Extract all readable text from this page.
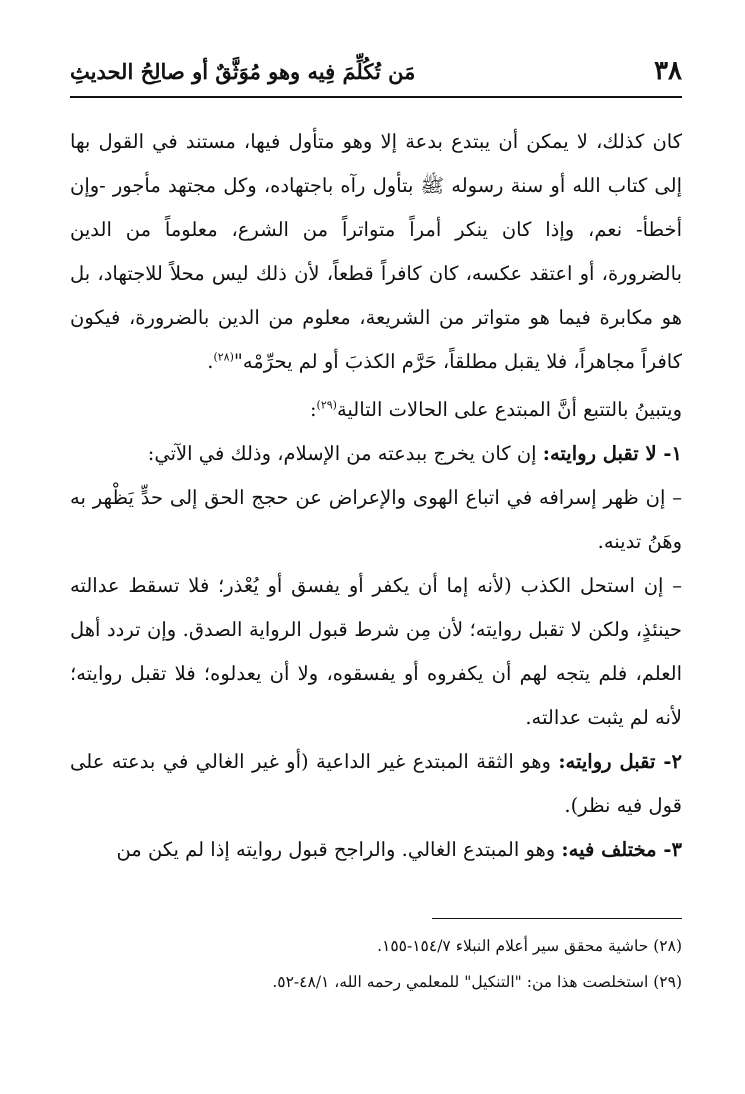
٣٨
مَن تُكُلِّمَ فِيه وهو مُوَثَّقٌ أو صالِحُ الحديثِ

كان كذلك، لا يمكن أن يبتدع بدعة إلا وهو متأول فيها، مستند في القول بها إلى كتاب الله أو سنة رسوله ﷺ بتأول رآه باجتهاده، وكل مجتهد مأجور -وإن أخطأ- نعم، وإذا كان ينكر أمراً متواتراً من الشرع، معلوماً من الدين بالضرورة، أو اعتقد عكسه، كان كافراً قطعاً، لأن ذلك ليس محلاً للاجتهاد، بل هو مكابرة فيما هو متواتر من الشريعة، معلوم من الدين بالضرورة، فيكون كافراً مجاهراً، فلا يقبل مطلقاً، حَرَّم الكذبَ أو لم يحرِّمْه"$^{(٢٨)}$.

ويتبينُ بالتتبع أنَّ المبتدع على الحالات التالية$^{(٢٩)}$:

١- لا تقبل روايته: إن كان يخرج ببدعته من الإسلام، وذلك في الآتي:

– إن ظهر إسرافه في اتباع الهوى والإعراض عن حجج الحق إلى حدٍّ يَظْهر به وهَنُ تدينه.

– إن استحل الكذب (لأنه إما أن يكفر أو يفسق أو يُعْذر؛ فلا تسقط عدالته حينئذٍ، ولكن لا تقبل روايته؛ لأن مِن شرط قبول الرواية الصدق. وإن تردد أهل العلم، فلم يتجه لهم أن يكفروه أو يفسقوه، ولا أن يعدلوه؛ فلا تقبل روايته؛ لأنه لم يثبت عدالته.

٢- تقبل روايته: وهو الثقة المبتدع غير الداعية (أو غير الغالي في بدعته على قول فيه نظر).

٣- مختلف فيه: وهو المبتدع الغالي. والراجح قبول روايته إذا لم يكن من

(٢٨) حاشية محقق سير أعلام النبلاء ١٥٤/٧-١٥٥.

(٢٩) استخلصت هذا من: "التنكيل" للمعلمي رحمه الله، ٤٨/١-٥٢.
